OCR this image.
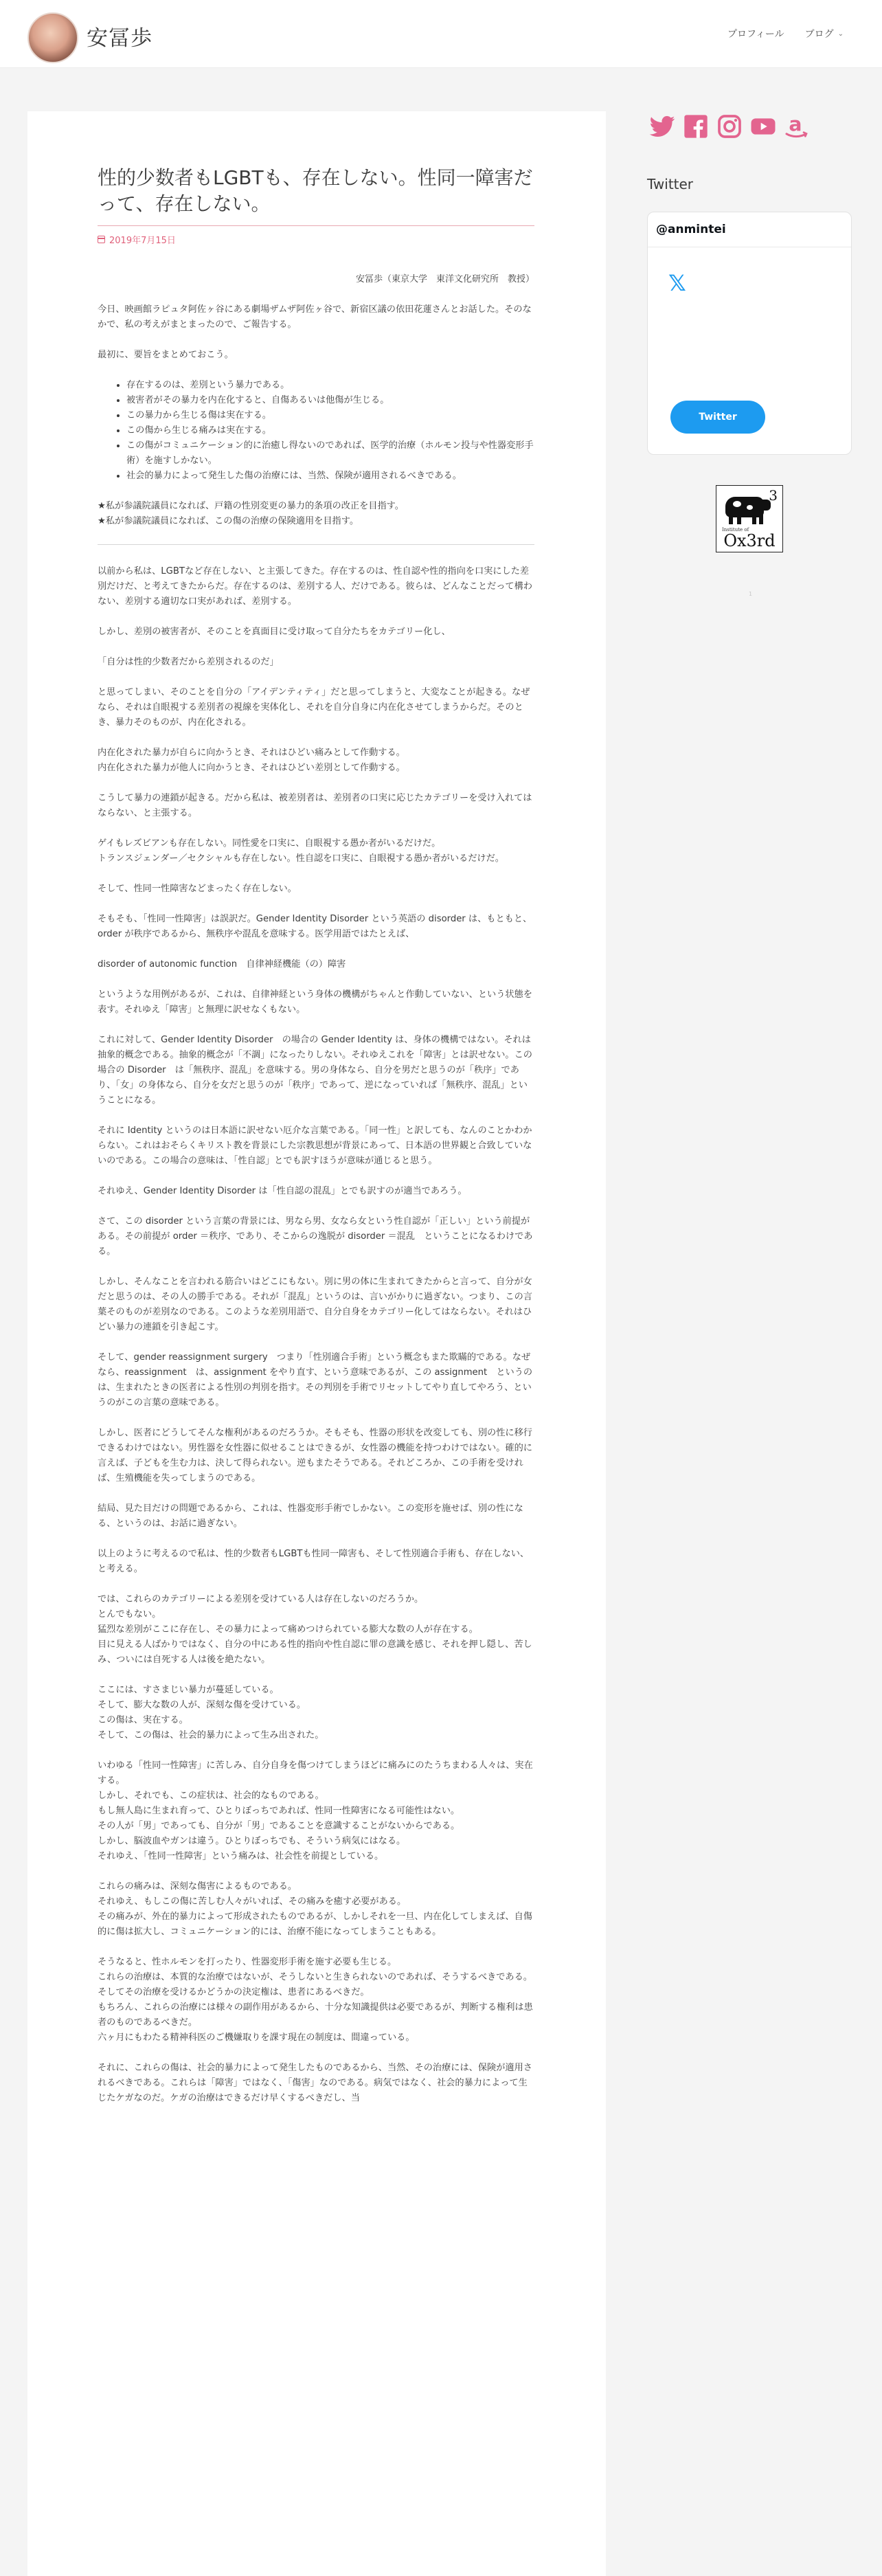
安冨歩	プロフィール ブログ ⌄
性的少数者もLGBTも、存在しない。性同一障害だって、存在しない。
2019年7月15日
安冨歩（東京大学　東洋文化研究所　教授）

今日、映画館ラピュタ阿佐ヶ谷にある劇場ザムザ阿佐ヶ谷で、新宿区議の依田花蓮さんとお話した。そのなかで、私の考えがまとまったので、ご報告する。

最初に、要旨をまとめておこう。

• 存在するのは、差別という暴力である。
• 被害者がその暴力を内在化すると、自傷あるいは他傷が生じる。
• この暴力から生じる傷は実在する。
• この傷から生じる痛みは実在する。
• この傷がコミュニケーション的に治癒し得ないのであれば、医学的治療（ホルモン投与や性器変形手術）を施すしかない。
• 社会的暴力によって発生した傷の治療には、当然、保険が適用されるべきである。

★私が参議院議員になれば、戸籍の性別変更の暴力的条項の改正を目指す。
★私が参議院議員になれば、この傷の治療の保険適用を目指す。

以前から私は、LGBTなど存在しない、と主張してきた。存在するのは、性自認や性的指向を口実にした差別だけだ、と考えてきたからだ。存在するのは、差別する人、だけである。彼らは、どんなことだって構わない、差別する適切な口実があれば、差別する。

しかし、差別の被害者が、そのことを真面目に受け取って自分たちをカテゴリー化し、

「自分は性的少数者だから差別されるのだ」

と思ってしまい、そのことを自分の「アイデンティティ」だと思ってしまうと、大変なことが起きる。なぜなら、それは自眼視する差別者の視線を実体化し、それを自分自身に内在化させてしまうからだ。そのとき、暴力そのものが、内在化される。

内在化された暴力が自らに向かうとき、それはひどい痛みとして作動する。
内在化された暴力が他人に向かうとき、それはひどい差別として作動する。

こうして暴力の連鎖が起きる。だから私は、被差別者は、差別者の口実に応じたカテゴリーを受け入れてはならない、と主張する。

ゲイもレズビアンも存在しない。同性愛を口実に、自眼視する愚か者がいるだけだ。
トランスジェンダー／セクシャルも存在しない。性自認を口実に、自眼視する愚か者がいるだけだ。

そして、性同一性障害などまったく存在しない。

そもそも、「性同一性障害」は誤訳だ。Gender Identity Disorder という英語の disorder は、もともと、order が秩序であるから、無秩序や混乱を意味する。医学用語ではたとえば、

disorder of autonomic function　自律神経機能（の）障害

というような用例があるが、これは、自律神経という身体の機構がちゃんと作動していない、という状態を表す。それゆえ「障害」と無理に訳せなくもない。

これに対して、Gender Identity Disorder　の場合の Gender Identity は、身体の機構ではない。それは抽象的概念である。抽象的概念が「不調」になったりしない。それゆえこれを「障害」とは訳せない。この場合の Disorder　は「無秩序、混乱」を意味する。男の身体なら、自分を男だと思うのが「秩序」であり、「女」の身体なら、自分を女だと思うのが「秩序」であって、逆になっていれば「無秩序、混乱」ということになる。

それに Identity というのは日本語に訳せない厄介な言葉である。「同一性」と訳しても、なんのことかわからない。これはおそらくキリスト教を背景にした宗教思想が背景にあって、日本語の世界観と合致していないのである。この場合の意味は、「性自認」とでも訳すほうが意味が通じると思う。

それゆえ、Gender Identity Disorder は「性自認の混乱」とでも訳すのが適当であろう。

さて、この disorder という言葉の背景には、男なら男、女なら女という性自認が「正しい」という前提がある。その前提が order ＝秩序、であり、そこからの逸脱が disorder ＝混乱　ということになるわけである。

しかし、そんなことを言われる筋合いはどこにもない。別に男の体に生まれてきたからと言って、自分が女だと思うのは、その人の勝手である。それが「混乱」というのは、言いがかりに過ぎない。つまり、この言葉そのものが差別なのである。このような差別用語で、自分自身をカテゴリー化してはならない。それはひどい暴力の連鎖を引き起こす。

そして、gender reassignment surgery　つまり「性別適合手術」という概念もまた欺瞞的である。なぜなら、reassignment　は、assignment をやり直す、という意味であるが、この assignment　というのは、生まれたときの医者による性別の判別を指す。その判別を手術でリセットしてやり直してやろう、というのがこの言葉の意味である。

しかし、医者にどうしてそんな権利があるのだろうか。そもそも、性器の形状を改変しても、別の性に移行できるわけではない。男性器を女性器に似せることはできるが、女性器の機能を持つわけではない。確的に言えば、子どもを生む力は、決して得られない。逆もまたそうである。それどころか、この手術を受ければ、生殖機能を失ってしまうのである。

結局、見た目だけの問題であるから、これは、性器変形手術でしかない。この変形を施せば、別の性になる、というのは、お話に過ぎない。

以上のように考えるので私は、性的少数者もLGBTも性同一障害も、そして性別適合手術も、存在しない、と考える。

では、これらのカテゴリーによる差別を受けている人は存在しないのだろうか。
とんでもない。
猛烈な差別がここに存在し、その暴力によって痛めつけられている膨大な数の人が存在する。
目に見える人ばかりではなく、自分の中にある性的指向や性自認に罪の意識を感じ、それを押し隠し、苦しみ、ついには自死する人は後を絶たない。

ここには、すさまじい暴力が蔓延している。
そして、膨大な数の人が、深刻な傷を受けている。
この傷は、実在する。
そして、この傷は、社会的暴力によって生み出された。

いわゆる「性同一性障害」に苦しみ、自分自身を傷つけてしまうほどに痛みにのたうちまわる人々は、実在する。
しかし、それでも、この症状は、社会的なものである。
もし無人島に生まれ育って、ひとりぼっちであれば、性同一性障害になる可能性はない。
その人が「男」であっても、自分が「男」であることを意識することがないからである。
しかし、脳波血やガンは違う。ひとりぼっちでも、そういう病気にはなる。
それゆえ、「性同一性障害」という痛みは、社会性を前提としている。

これらの痛みは、深刻な傷害によるものである。
それゆえ、もしこの傷に苦しむ人々がいれば、その痛みを癒す必要がある。
その痛みが、外在的暴力によって形成されたものであるが、しかしそれを一旦、内在化してしまえば、自傷的に傷は拡大し、コミュニケーション的には、治療不能になってしまうこともある。

そうなると、性ホルモンを打ったり、性器変形手術を施す必要も生じる。
これらの治療は、本質的な治療ではないが、そうしないと生きられないのであれば、そうするべきである。
そしてその治療を受けるかどうかの決定権は、患者にあるべきだ。
もちろん、これらの治療には様々の副作用があるから、十分な知識提供は必要であるが、判断する権利は患者のものであるべきだ。
六ヶ月にもわたる精神科医のご機嫌取りを課す現在の制度は、間違っている。

それに、これらの傷は、社会的暴力によって発生したものであるから、当然、その治療には、保険が適用されるべきである。これらは「障害」ではなく、「傷害」なのである。病気ではなく、社会的暴力によって生じたケガなのだ。ケガの治療はできるだけ早くするべきだし、当

a
Twitter
@anmintei
𝕏
Twitter
3
Institute of
Ox3rd
1
